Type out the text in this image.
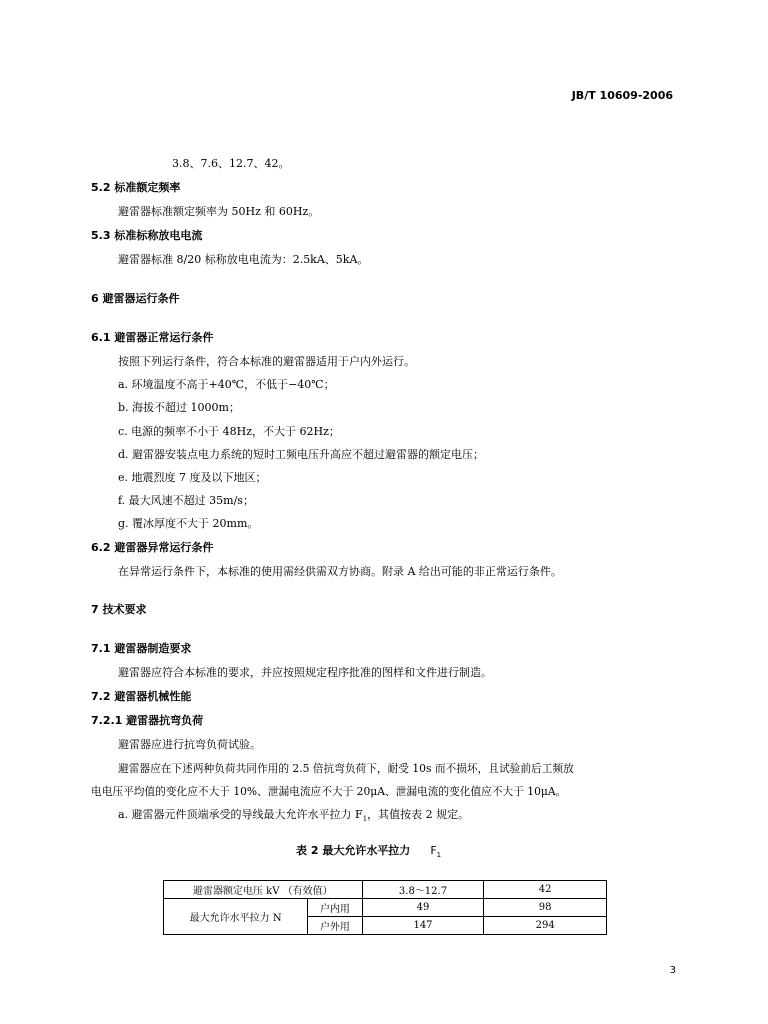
JB/T 10609-2006
3.8、7.6、12.7、42。
5.2 标准额定频率
避雷器标准额定频率为 50Hz 和 60Hz。
5.3 标准标称放电电流
避雷器标准 8/20 标称放电电流为：2.5kA、5kA。
6 避雷器运行条件
6.1 避雷器正常运行条件
按照下列运行条件，符合本标准的避雷器适用于户内外运行。
a. 环境温度不高于+40℃，不低于−40℃；
b. 海拔不超过 1000m；
c. 电源的频率不小于 48Hz，不大于 62Hz；
d. 避雷器安装点电力系统的短时工频电压升高应不超过避雷器的额定电压；
e. 地震烈度 7 度及以下地区；
f. 最大风速不超过 35m/s；
g. 覆冰厚度不大于 20mm。
6.2 避雷器异常运行条件
在异常运行条件下，本标准的使用需经供需双方协商。附录 A 给出可能的非正常运行条件。
7 技术要求
7.1 避雷器制造要求
避雷器应符合本标准的要求，并应按照规定程序批准的图样和文件进行制造。
7.2 避雷器机械性能
7.2.1 避雷器抗弯负荷
避雷器应进行抗弯负荷试验。
避雷器应在下述两种负荷共同作用的 2.5 倍抗弯负荷下，耐受 10s 而不损坏，且试验前后工频放
电电压平均值的变化应不大于 10%、泄漏电流应不大于 20μA、泄漏电流的变化值应不大于 10μA。
a. 避雷器元件顶端承受的导线最大允许水平拉力 $F_1$，其值按表 2 规定。
表 2 最大允许水平拉力 $F_1$
避雷器额定电压 kV （有效值）		3.8～12.7	42
最大允许水平拉力 N	户内用	49	98
	户外用	147	294
3
